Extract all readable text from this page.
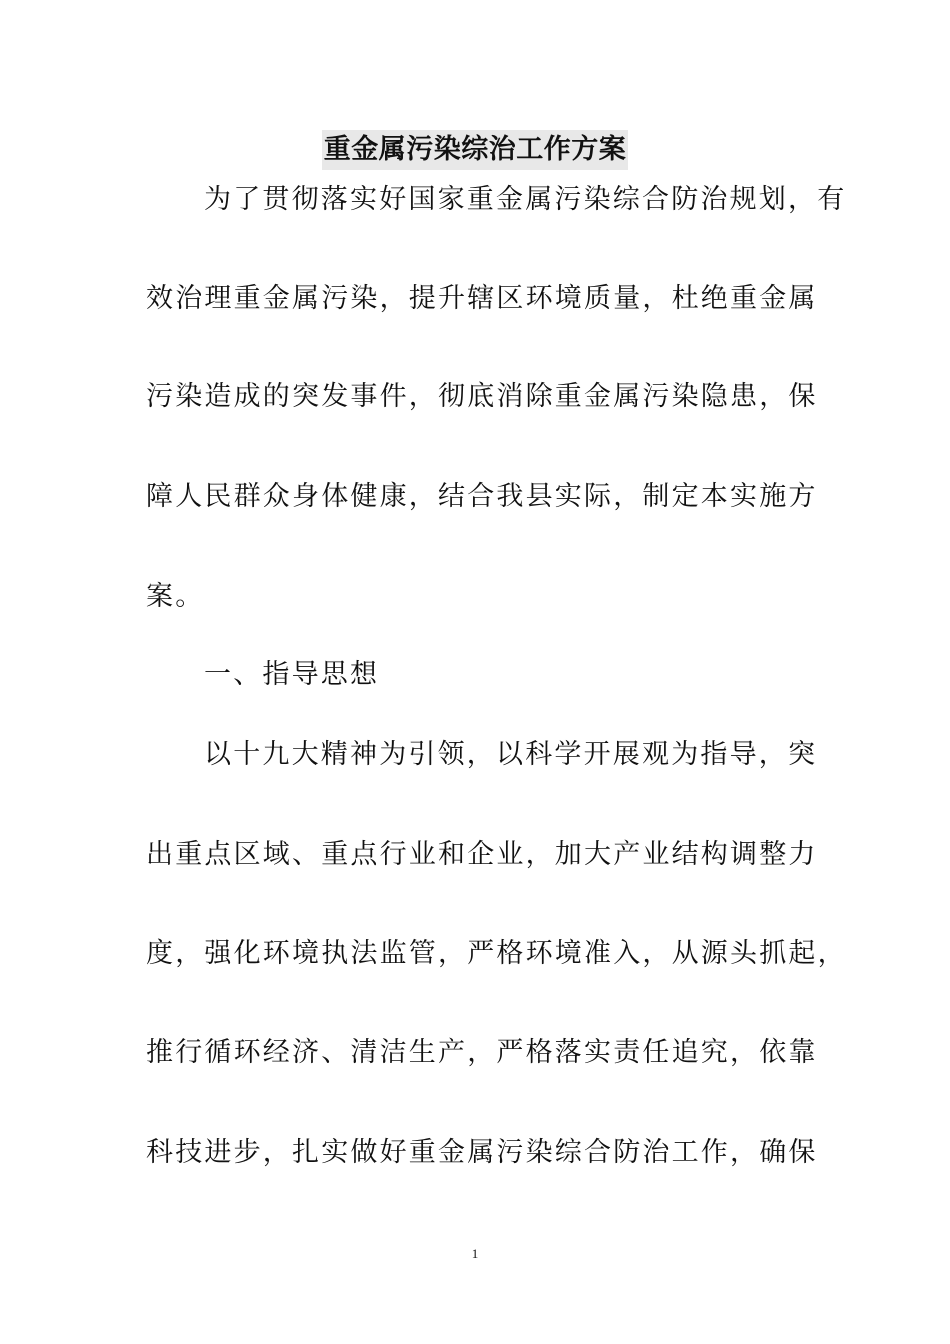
重金属污染综治工作方案
为了贯彻落实好国家重金属污染综合防治规划，有
效治理重金属污染，提升辖区环境质量，杜绝重金属
污染造成的突发事件，彻底消除重金属污染隐患，保
障人民群众身体健康，结合我县实际，制定本实施方
案。
一、指导思想
以十九大精神为引领，以科学开展观为指导，突
出重点区域、重点行业和企业，加大产业结构调整力
度，强化环境执法监管，严格环境准入，从源头抓起，
推行循环经济、清洁生产，严格落实责任追究，依靠
科技进步，扎实做好重金属污染综合防治工作，确保
1
